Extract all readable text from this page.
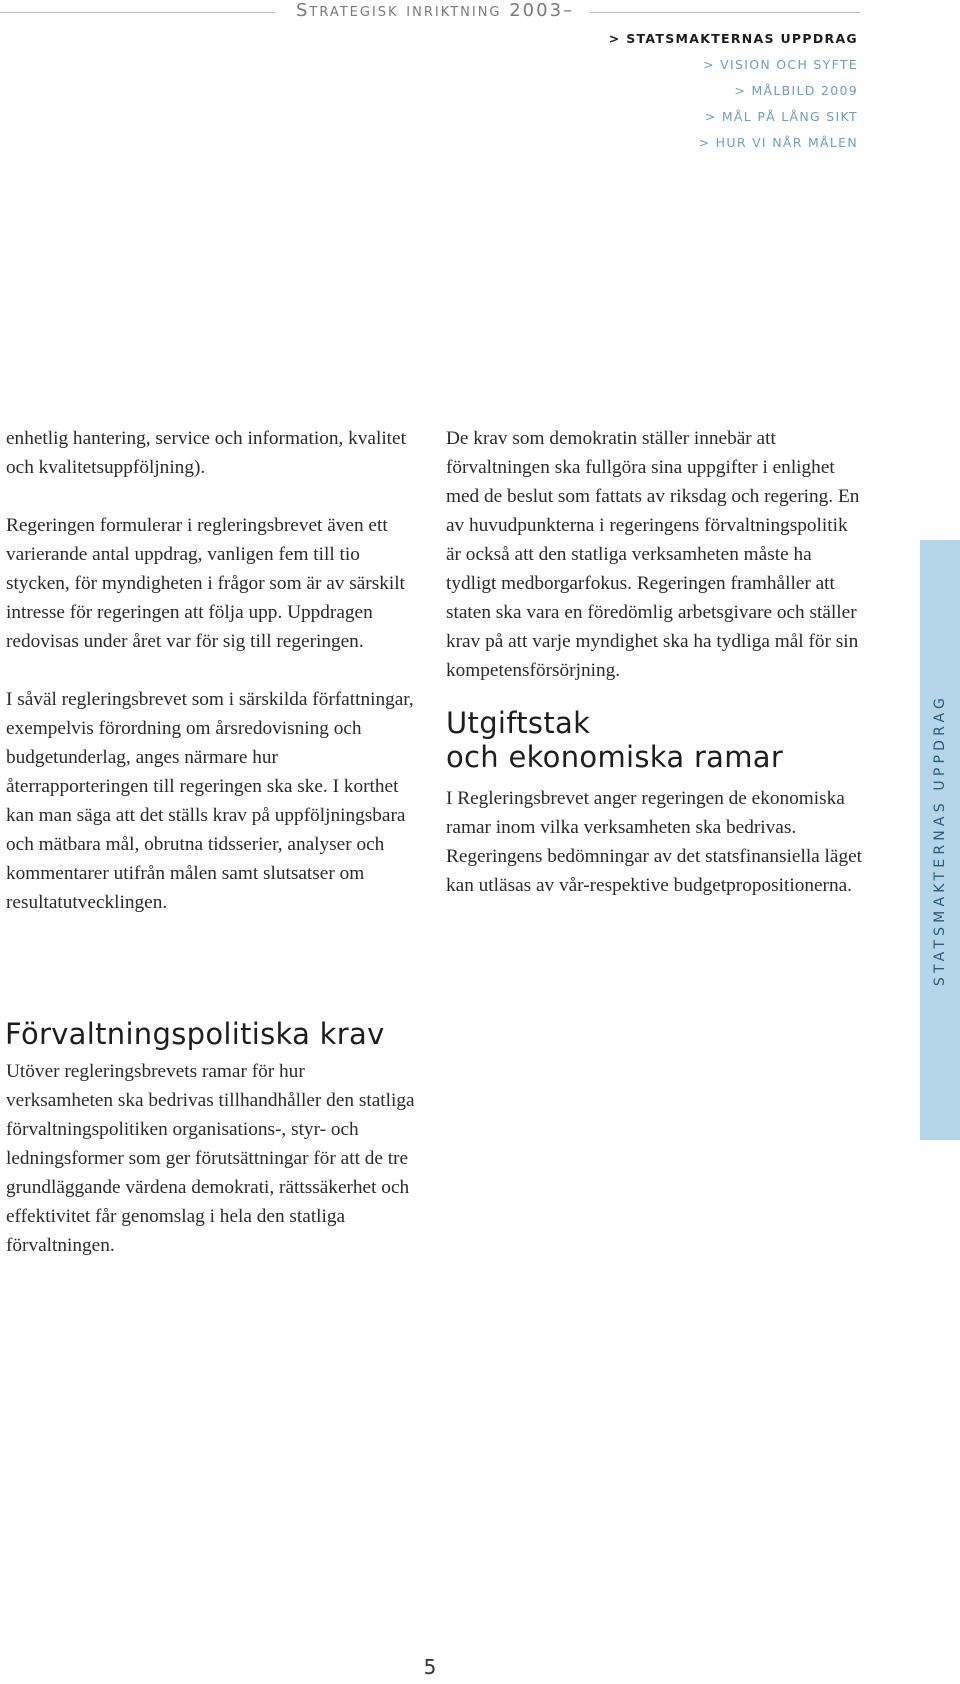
Strategisk inriktning 2003–
> STATSMAKTERNAS UPPDRAG
> VISION OCH SYFTE
> MÅLBILD 2009
> MÅL PÅ LÅNG SIKT
> HUR VI NÅR MÅLEN

enhetlig hantering, service och information, kvalitet och kvalitetsuppföljning).

Regeringen formulerar i regleringsbrevet även ett varierande antal uppdrag, vanligen fem till tio stycken, för myndigheten i frågor som är av särskilt intresse för regeringen att följa upp. Uppdragen redovisas under året var för sig till regeringen.

I såväl regleringsbrevet som i särskilda författningar, exempelvis förordning om årsredovisning och budgetunderlag, anges närmare hur återrapporteringen till regeringen ska ske. I korthet kan man säga att det ställs krav på uppföljningsbara och mätbara mål, obrutna tidsserier, analyser och kommentarer utifrån målen samt slutsatser om resultatutvecklingen.

Förvaltningspolitiska krav

Utöver regleringsbrevets ramar för hur verksamheten ska bedrivas tillhandhåller den statliga förvaltningspolitiken organisations-, styr- och ledningsformer som ger förutsättningar för att de tre grundläggande värdena demokrati, rättssäkerhet och effektivitet får genomslag i hela den statliga förvaltningen.

De krav som demokratin ställer innebär att förvaltningen ska fullgöra sina uppgifter i enlighet med de beslut som fattats av riksdag och regering. En av huvudpunkterna i regeringens förvaltningspolitik är också att den statliga verksamheten måste ha tydligt medborgarfokus. Regeringen framhåller att staten ska vara en föredömlig arbetsgivare och ställer krav på att varje myndighet ska ha tydliga mål för sin kompetensförsörjning.

Utgiftstak
och ekonomiska ramar

I Regleringsbrevet anger regeringen de ekonomiska ramar inom vilka verksamheten ska bedrivas. Regeringens bedömningar av det statsfinansiella läget kan utläsas av vår-respektive budgetpropositionerna.	STATSMAKTERNAS UPPDRAG
5
